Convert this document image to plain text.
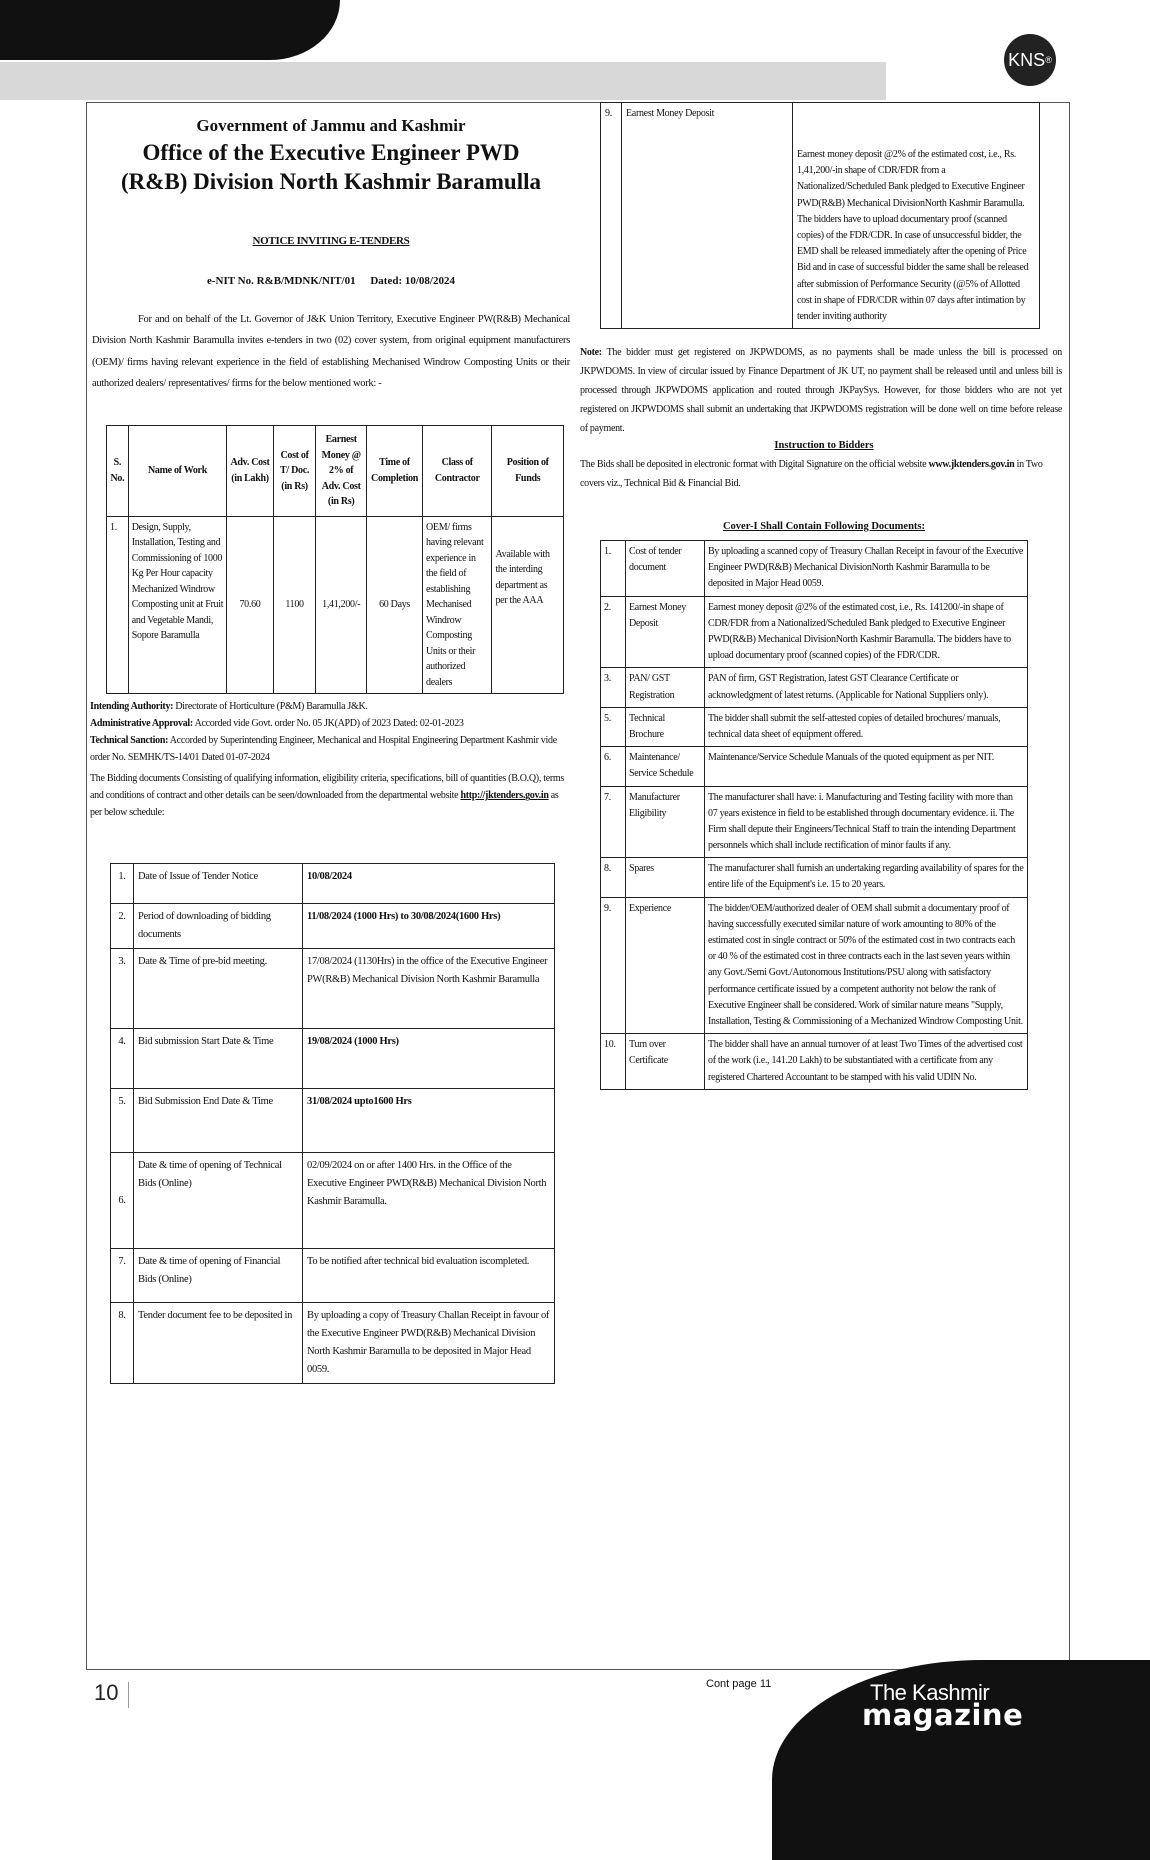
KNS ®
Government of Jammu and Kashmir
Office of the Executive Engineer PWD
(R&B) Division North Kashmir Baramulla
NOTICE INVITING E-TENDERS
e-NIT No. R&B/MDNK/NIT/01 Dated: 10/08/2024
For and on behalf of the Lt. Governor of J&K Union Territory, Executive Engineer PW(R&B) Mechanical Division North Kashmir Baramulla invites e-tenders in two (02) cover system, from original equipment manufacturers (OEM)/ firms having relevant experience in the field of establishing Mechanised Windrow Composting Units or their authorized dealers/ representatives/ firms for the below mentioned work: -
S. No.	Name of Work	Adv. Cost (in Lakh)	Cost of T/ Doc. (in Rs)	Earnest Money @ 2% of Adv. Cost (in Rs)	Time of Completion	Class of Contractor	Position of Funds
1.	Design, Supply, Installation, Testing and Commissioning of 1000 Kg Per Hour capacity Mechanized Windrow Composting unit at Fruit and Vegetable Mandi, Sopore Baramulla	70.60	1100	1,41,200/-	60 Days	OEM/ firms having relevant experience in the field of establishing Mechanised Windrow Composting Units or their authorized dealers	Available with the interding department as per the AAA
Intending Authority: Directorate of Horticulture (P&M) Baramulla J&K.
Administrative Approval: Accorded vide Govt. order No. 05 JK(APD) of 2023 Dated: 02-01-2023
Technical Sanction: Accorded by Superintending Engineer, Mechanical and Hospital Engineering Department Kashmir vide order No. SEMHK/TS-14/01 Dated 01-07-2024
The Bidding documents Consisting of qualifying information, eligibility criteria, specifications, bill of quantities (B.O.Q), terms and conditions of contract and other details can be seen/downloaded from the departmental website http://jktenders.gov.in as per below schedule:
1.	Date of Issue of Tender Notice	10/08/2024
2.	Period of downloading of bidding documents	11/08/2024 (1000 Hrs) to 30/08/2024(1600 Hrs)
3.	Date & Time of pre-bid meeting.	17/08/2024 (1130Hrs) in the office of the Executive Engineer PW(R&B) Mechanical Division North Kashmir Baramulla
4.	Bid submission Start Date & Time	19/08/2024 (1000 Hrs)
5.	Bid Submission End Date & Time	31/08/2024 upto1600 Hrs
6.	Date & time of opening of Technical Bids (Online)	02/09/2024 on or after 1400 Hrs. in the Office of the Executive Engineer PWD(R&B) Mechanical Division North Kashmir Baramulla.
7.	Date & time of opening of Financial Bids (Online)	To be notified after technical bid evaluation iscompleted.
8.	Tender document fee to be deposited in	By uploading a copy of Treasury Challan Receipt in favour of the Executive Engineer PWD(R&B) Mechanical Division North Kashmir Baramulla to be deposited in Major Head 0059.
9.	Earnest Money Deposit	Earnest money deposit @2% of the estimated cost, i.e., Rs. 1,41,200/-in shape of CDR/FDR from a Nationalized/Scheduled Bank pledged to Executive Engineer PWD(R&B) Mechanical DivisionNorth Kashmir Baramulla. The bidders have to upload documentary proof (scanned copies) of the FDR/CDR. In case of unsuccessful bidder, the EMD shall be released immediately after the opening of Price Bid and in case of successful bidder the same shall be released after submission of Performance Security (@5% of Allotted cost in shape of FDR/CDR within 07 days after intimation by tender inviting authority
Note: The bidder must get registered on JKPWDOMS, as no payments shall be made unless the bill is processed on JKPWDOMS. In view of circular issued by Finance Department of JK UT, no payment shall be released until and unless bill is processed through JKPWDOMS application and routed through JKPaySys. However, for those bidders who are not yet registered on JKPWDOMS shall submit an undertaking that JKPWDOMS registration will be done well on time before release of payment.
Instruction to Bidders
The Bids shall be deposited in electronic format with Digital Signature on the official website www.jktenders.gov.in in Two covers viz., Technical Bid & Financial Bid.
Cover-I Shall Contain Following Documents:
1.	Cost of tender document	By uploading a scanned copy of Treasury Challan Receipt in favour of the Executive Engineer PWD(R&B) Mechanical DivisionNorth Kashmir Baramulla to be deposited in Major Head 0059.
2.	Earnest Money Deposit	Earnest money deposit @2% of the estimated cost, i.e., Rs. 141200/-in shape of CDR/FDR from a Nationalized/Scheduled Bank pledged to Executive Engineer PWD(R&B) Mechanical DivisionNorth Kashmir Baramulla. The bidders have to upload documentary proof (scanned copies) of the FDR/CDR.
3.	PAN/ GST Registration	PAN of firm, GST Registration, latest GST Clearance Certificate or acknowledgment of latest returns. (Applicable for National Suppliers only).
5.	Technical Brochure	The bidder shall submit the self-attested copies of detailed brochures/ manuals, technical data sheet of equipment offered.
6.	Maintenance/ Service Schedule	Maintenance/Service Schedule Manuals of the quoted equipment as per NIT.
7.	Manufacturer Eligibility	The manufacturer shall have: i. Manufacturing and Testing facility with more than 07 years existence in field to be established through documentary evidence. ii. The Firm shall depute their Engineers/Technical Staff to train the intending Department personnels which shall include rectification of minor faults if any.
8.	Spares	The manufacturer shall furnish an undertaking regarding availability of spares for the entire life of the Equipment's i.e. 15 to 20 years.
9.	Experience	The bidder/OEM/authorized dealer of OEM shall submit a documentary proof of having successfully executed similar nature of work amounting to 80% of the estimated cost in single contract or 50% of the estimated cost in two contracts each or 40 % of the estimated cost in three contracts each in the last seven years within any Govt./Semi Govt./Autonomous Institutions/PSU along with satisfactory performance certificate issued by a competent authority not below the rank of Executive Engineer shall be considered. Work of similar nature means "Supply, Installation, Testing & Commissioning of a Mechanized Windrow Composting Unit.
10.	Turn over Certificate	The bidder shall have an annual turnover of at least Two Times of the advertised cost of the work (i.e., 141.20 Lakh) to be substantiated with a certificate from any registered Chartered Accountant to be stamped with his valid UDIN No.
10	Cont page 11	The Kashmir
magazine
